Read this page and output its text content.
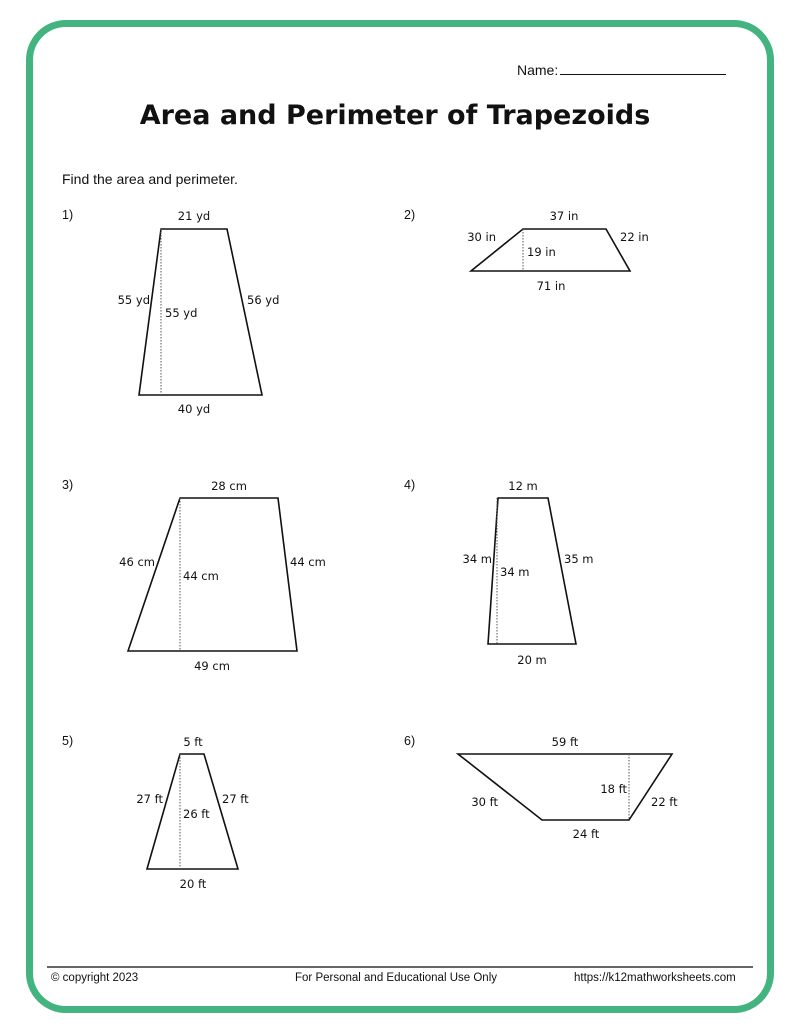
Name:
Area and Perimeter of Trapezoids
Find the area and perimeter.
1)	2)
3)	4)
5)	6)
21 yd
40 yd
55 yd	56 yd
55 yd
37 in
71 in
30 in	22 in
19 in
28 cm
49 cm
46 cm	44 cm
44 cm
12 m
20 m
34 m	35 m
34 m
5 ft
20 ft
27 ft	27 ft
26 ft
59 ft
24 ft
30 ft	22 ft
18 ft
© copyright 2023	For Personal and Educational Use Only	https://k12mathworksheets.com
